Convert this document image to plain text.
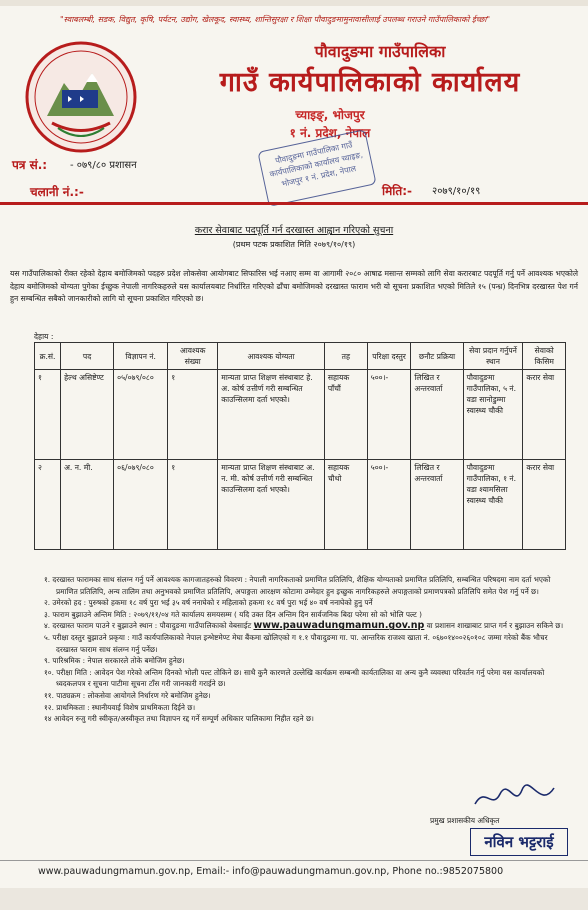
"स्वाबलम्बी, सडक, विद्युत, कृषि, पर्यटन, उद्योग, खेलकूद, स्वास्थ्य, शान्तिसुरक्षा र शिक्षा पौवादुङमामुनावासीलाई उपलब्ध गराउने गाउँपालिकाको ईच्छा"
पौवादुङमा गाउँपालिका
गाउँ कार्यपालिकाको कार्यालय
च्याइङ्, भोजपुर
१ नं. प्रदेश, नेपाल
पौवादुङमा गाउँपालिका गाउँ कार्यपालिकाको कार्यालय च्याइङ, भोजपुर १ नं. प्रदेश, नेपाल
पत्र सं.: - ०७९/८० प्रशासन
चलानी नं.:-	मिति:- २०७९/१०/१९
करार सेवाबाट पदपूर्ति गर्न दरखास्त आह्वान गरिएको सुचना
(प्रथम पटक प्रकाशित मिति २०७९/१०/१९)
यस गाउँपालिकाको रीक्त रहेको देहाय बमोजिमको पदहरु प्रदेश लोकसेवा आयोगबाट सिफारिस भई नआए सम्म वा आगामी २०८० आषाढ मसान्त सम्मको लागि सेवा करारबाट पदपूर्ति गर्नु पर्ने आवश्यक भएकोले देहाय बमोजिमको योग्यता पुगेका ईच्छुक नेपाली नागरिकहरुले यस कार्यालयबाट निर्धारित गरिएको ढाँचा बमोजिमको दरखास्त फाराम भरी यो सूचना प्रकाशित भएको मितिले १५ (पन्ध्र) दिनभित्र दरखास्त पेश गर्न हुन सम्बन्धित सबैको जानकारीको लागि यो सूचना प्रकाशित गरिएको छ।
देहाय :
क्र.सं.	पद	विज्ञापन नं.	आवश्यक संख्या	आवश्यक योग्यता	तह	परिक्षा दस्तुर	छनौट प्रक्रिया	सेवा प्रदान गर्नुपर्ने स्थान	सेवाको किसिम
१	हेल्थ असिष्टेण्ट	०५/०७९/०८०	१	मान्यता प्राप्त शिक्षण संस्थाबाट हे. अ. कोर्ष उत्तीर्ण गरी सम्बन्धित काउन्सिलमा दर्ता भएको।	सहायक पाँचौं	५००।-	लिखित र अन्तरवार्ता	पौवादुङमा गाउँपालिका, ५ नं. वडा सानोडुम्मा स्वास्थ्य चौकी	करार सेवा
२	अ. न. मी.	०६/०७९/०८०	१	मान्यता प्राप्त शिक्षण संस्थाबाट अ. न. मी. कोर्ष उत्तीर्ण गरी सम्बन्धित काउन्सिलमा दर्ता भएको।	सहायक चौथो	५००।-	लिखित र अन्तरवार्ता	पौवादुङमा गाउँपालिका, १ नं. वडा श्यामसिला स्वास्थ्य चौकी	करार सेवा

१. दरखास्त फारामका साथ संलग्न गर्नु पर्ने आवश्यक कागजातहरुको विवरण : नेपाली नागरिकताको प्रमाणित प्रतिलिपि, शैक्षिक योग्यताको प्रमाणित प्रतिलिपि, सम्बन्धित परिषदमा नाम दर्ता भएको प्रमाणित प्रतिलिपि, अन्य तालिम तथा अनुभवको प्रमाणित प्रतिलिपि, अपाङ्गता आरक्षण कोटामा उम्मेदार हुन इच्छुक नागरिकहरुले अपाङ्गताको प्रमाणपत्रको प्रतिलिपि समेत पेश गर्नु पर्ने छ।

२. उमेरको हद : पुरुषको हकमा १८ वर्ष पुरा भई ३५ वर्ष ननाघेको र महिलाको हकमा १८ वर्ष पुरा भई ४० वर्ष ननाघेको हुनु पर्ने

३. फाराम बुझाउने अन्तिम मिति : २०७९/११/०४ गते कार्यालय समयसम्म ( यदि उक्त दिन अन्तिम दिन सार्वजनिक बिदा परेमा सो को भोलि पल्ट )

४. दरखास्त फाराम पाउने र बुझाउने स्थान : पौवादुङमा गाउँपालिकाको वेबसाईट www.pauwadungmamun.gov.np वा प्रशासन शाखाबाट प्राप्त गर्न र बुझाउन सकिने छ।

५. परीक्षा दस्तुर बुझाउने प्रकृया : गाउँ कार्यपालिकाको नेपाल इन्भेष्टमेण्ट मेघा बैंकमा खोलिएको ग १.१ पौवादुङमा गा. पा. आन्तरिक राजश्व खाता नं. ०६७०१४००२६०१०८ जम्मा गरेको बैंक भौचर दरखास्त फाराम साथ संलग्न गर्नु पर्नेछ।

९. पारिश्रमिक : नेपाल सरकारले तोके बमोजिम हुनेछ।

१०. परीक्षा मिति : आवेदन पेश गरेको अन्तिम दिनको भोली पल्ट तोकिने छ। साथै कुनै कारणले उल्लेखि कार्यक्रम सम्बन्धी कार्यतालिका वा अन्य कुनै व्यवस्था परिवर्तन गर्नु परेमा यस कार्यालयको ध्वदकलपत्र र सूचना पाटीमा सूचना टाँस गरी जानकारी गराईने छ।

११. पाठ्यक्रम : लोकसेवा आयोगले निर्धारण गरे बमोजिम हुनेछ।

१२. प्राथमिकता : स्थानीयवाई विशेष प्राथमिकता दिईने छ।

१४ आवेदन रुजु गरी स्वीकृत/अस्वीकृत तथा विज्ञापन रद्द गर्ने सम्पूर्ण अधिकार पालिकामा निहीत रहने छ।

प्रमुख प्रशासकीय अधिकृत
नविन भट्टराई
www.pauwadungmamun.gov.np, Email:- info@pauwadungmamun.gov.np, Phone no.:9852075800
